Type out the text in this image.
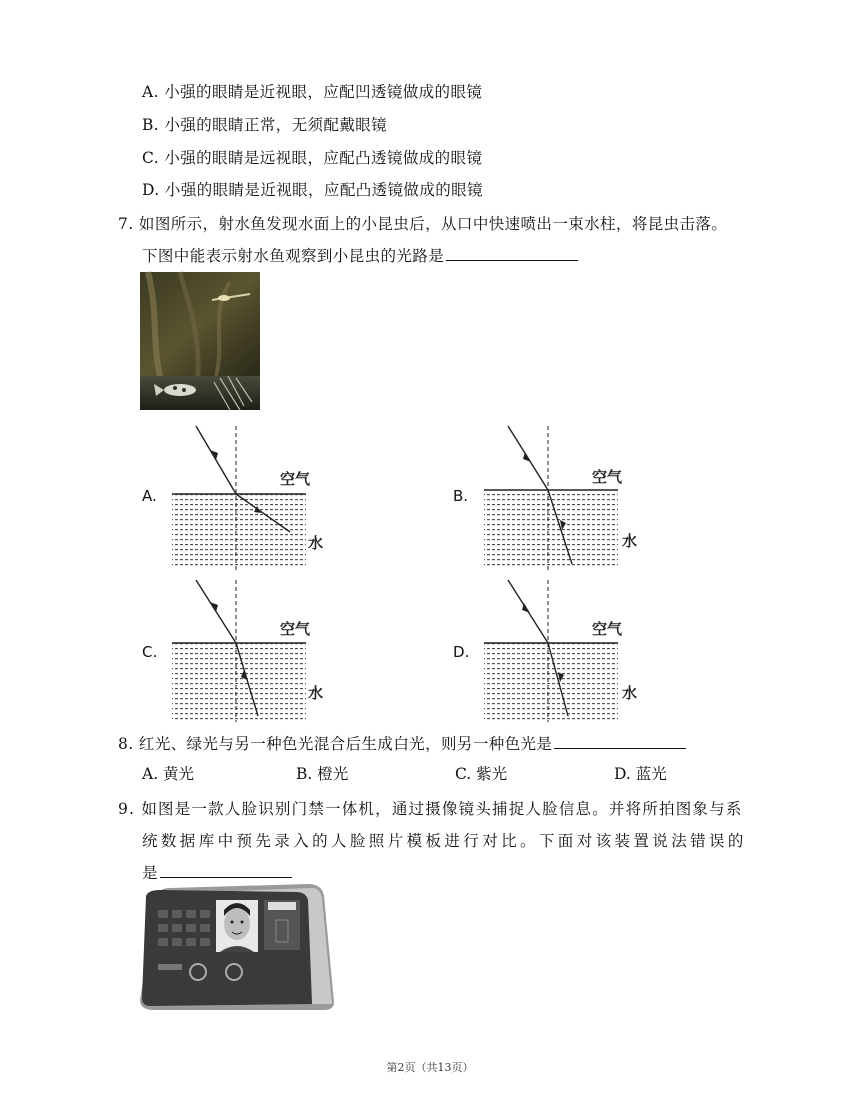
A. 小强的眼睛是近视眼，应配凹透镜做成的眼镜
B. 小强的眼睛正常，无须配戴眼镜
C. 小强的眼睛是远视眼，应配凸透镜做成的眼镜
D. 小强的眼睛是近视眼，应配凸透镜做成的眼镜
7. 如图所示，射水鱼发现水面上的小昆虫后，从口中快速喷出一束水柱，将昆虫击落。
下图中能表示射水鱼观察到小昆虫的光路是
A.
空气
水
B.
空气
水
C.
空气
水
D.
空气
水
8. 红光、绿光与另一种色光混合后生成白光，则另一种色光是
A. 黄光	B. 橙光	C. 紫光	D. 蓝光
9. 如图是一款人脸识别门禁一体机，通过摄像镜头捕捉人脸信息。并将所拍图象与系
统数据库中预先录入的人脸照片模板进行对比。下面对该装置说法错误的
是
第2页（共13页）
